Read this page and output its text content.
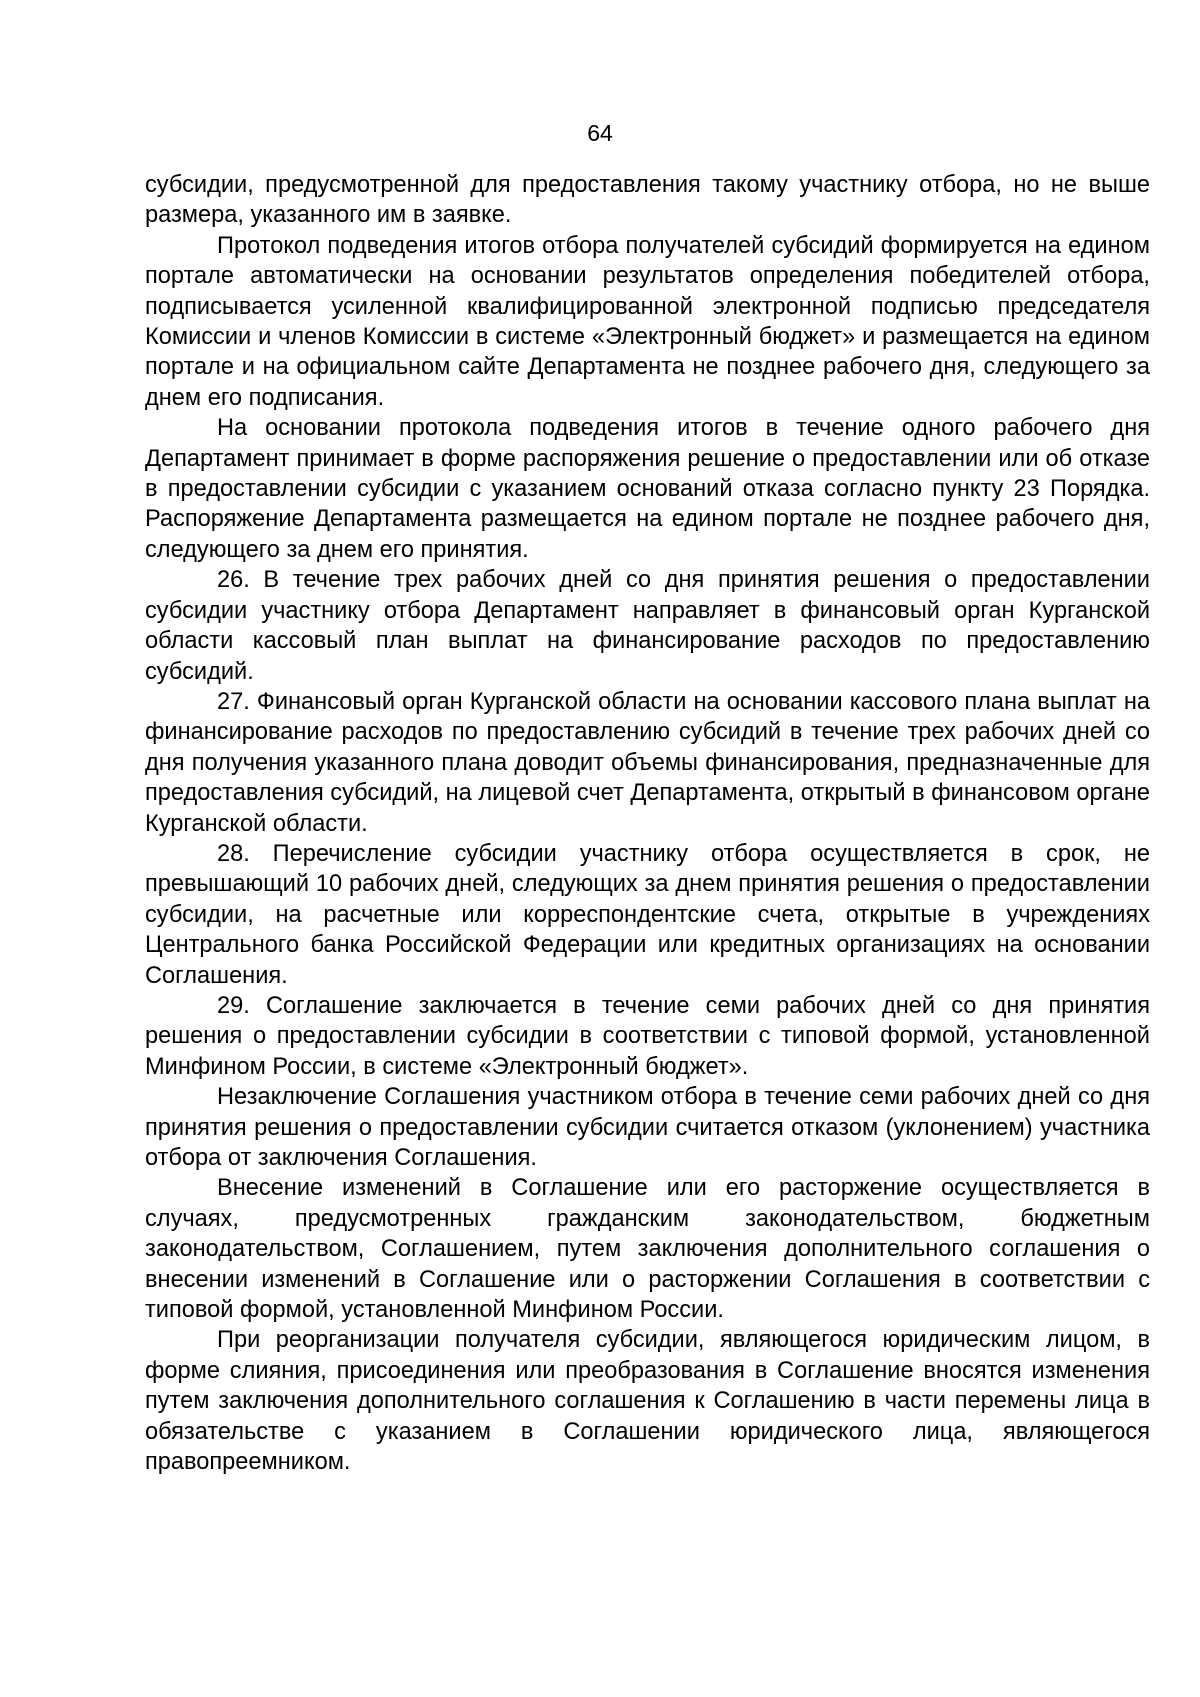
64

субсидии, предусмотренной для предоставления такому участнику отбора, но не выше размера, указанного им в заявке.

Протокол подведения итогов отбора получателей субсидий формируется на едином портале автоматически на основании результатов определения победителей отбора, подписывается усиленной квалифицированной электронной подписью председателя Комиссии и членов Комиссии в системе «Электронный бюджет» и размещается на едином портале и на официальном сайте Департамента не позднее рабочего дня, следующего за днем его подписания.

На основании протокола подведения итогов в течение одного рабочего дня Департамент принимает в форме распоряжения решение о предоставлении или об отказе в предоставлении субсидии с указанием оснований отказа согласно пункту 23 Порядка. Распоряжение Департамента размещается на едином портале не позднее рабочего дня, следующего за днем его принятия.

26. В течение трех рабочих дней со дня принятия решения о предоставлении субсидии участнику отбора Департамент направляет в финансовый орган Курганской области кассовый план выплат на финансирование расходов по предоставлению субсидий.

27. Финансовый орган Курганской области на основании кассового плана выплат на финансирование расходов по предоставлению субсидий в течение трех рабочих дней со дня получения указанного плана доводит объемы финансирования, предназначенные для предоставления субсидий, на лицевой счет Департамента, открытый в финансовом органе Курганской области.

28. Перечисление субсидии участнику отбора осуществляется в срок, не превышающий 10 рабочих дней, следующих за днем принятия решения о предоставлении субсидии, на расчетные или корреспондентские счета, открытые в учреждениях Центрального банка Российской Федерации или кредитных организациях на основании Соглашения.

29. Соглашение заключается в течение семи рабочих дней со дня принятия решения о предоставлении субсидии в соответствии с типовой формой, установленной Минфином России, в системе «Электронный бюджет».

Незаключение Соглашения участником отбора в течение семи рабочих дней со дня принятия решения о предоставлении субсидии считается отказом (уклонением) участника отбора от заключения Соглашения.

Внесение изменений в Соглашение или его расторжение осуществляется в случаях, предусмотренных гражданским законодательством, бюджетным законодательством, Соглашением, путем заключения дополнительного соглашения о внесении изменений в Соглашение или о расторжении Соглашения в соответствии с типовой формой, установленной Минфином России.

При реорганизации получателя субсидии, являющегося юридическим лицом, в форме слияния, присоединения или преобразования в Соглашение вносятся изменения путем заключения дополнительного соглашения к Соглашению в части перемены лица в обязательстве с указанием в Соглашении юридического лица, являющегося правопреемником.
